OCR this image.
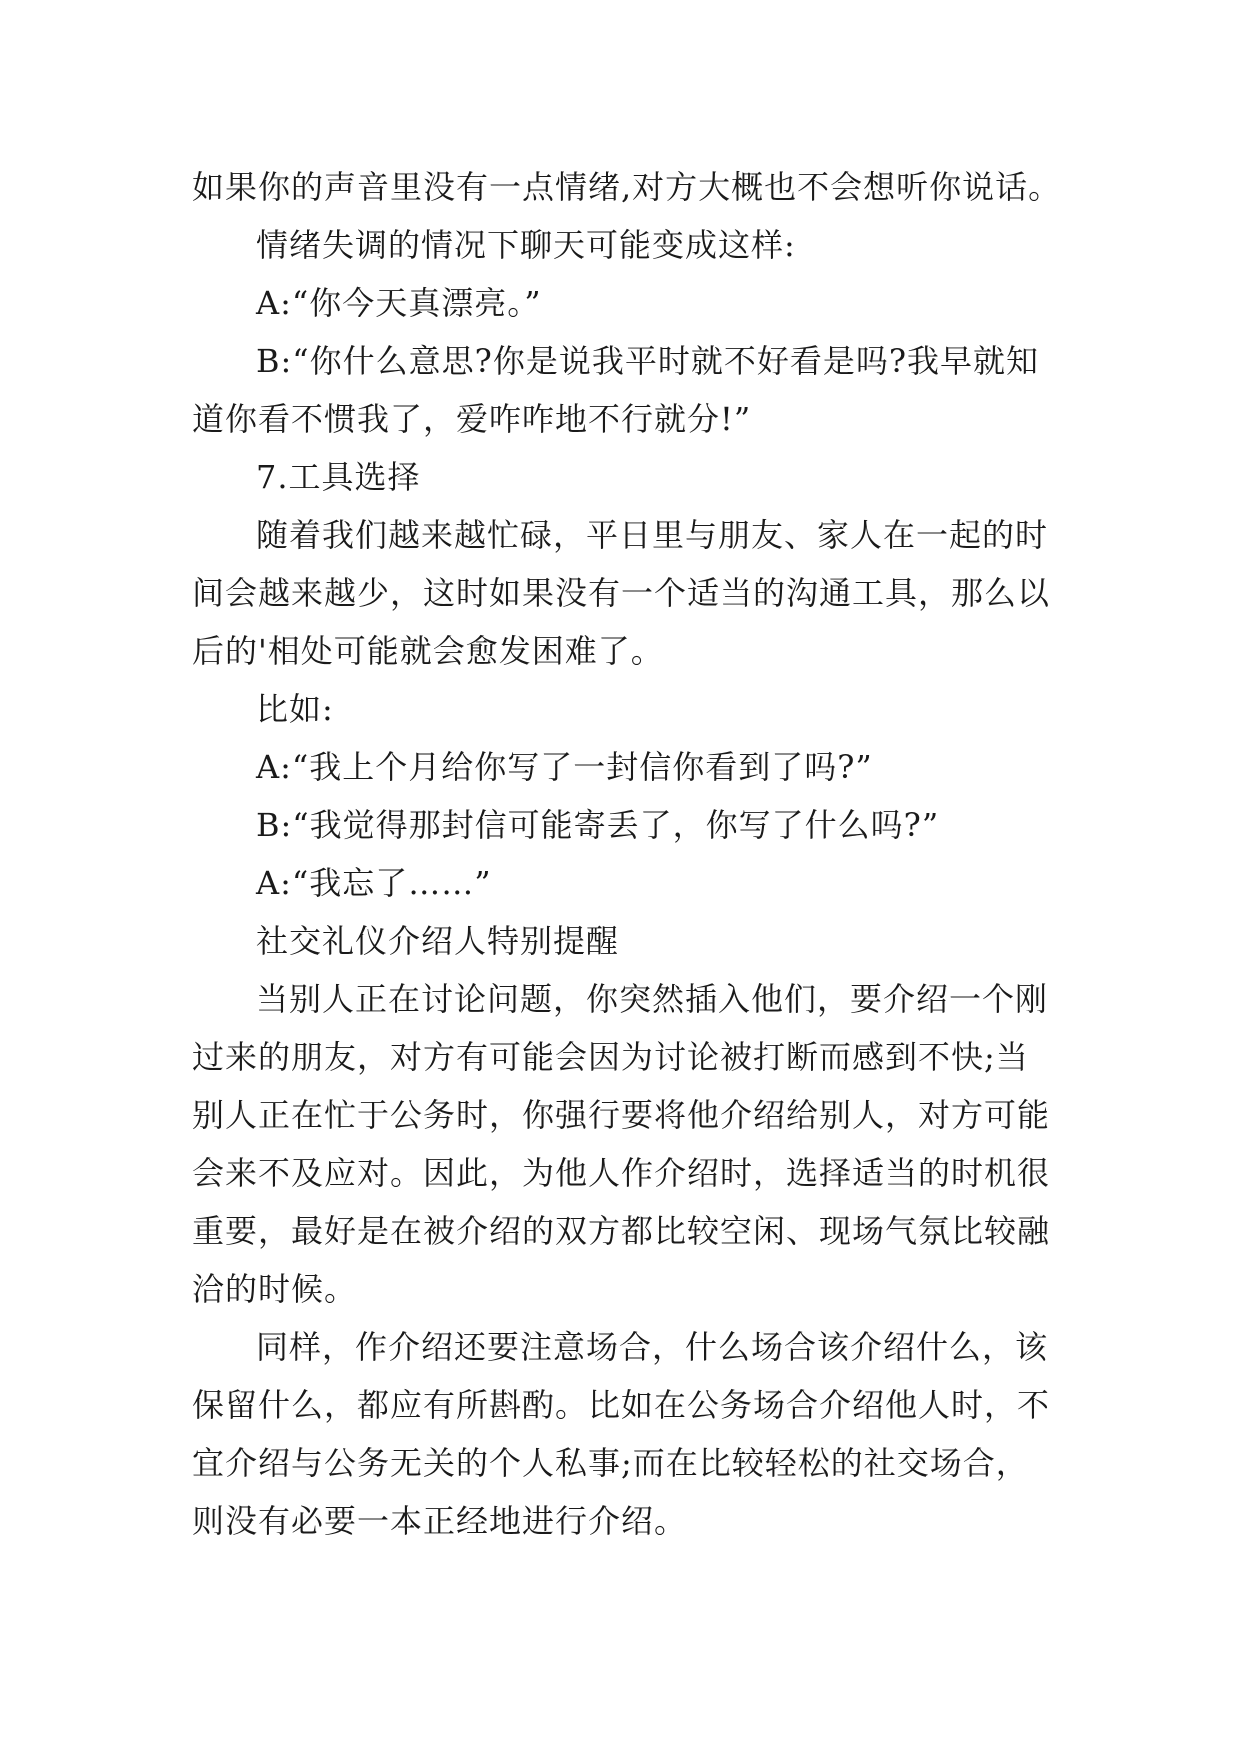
如果你的声音里没有一点情绪,对方大概也不会想听你说话。
情绪失调的情况下聊天可能变成这样:
A:“你今天真漂亮。”
B:“你什么意思?你是说我平时就不好看是吗?我早就知
道你看不惯我了，爱咋咋地不行就分!”
7.工具选择
随着我们越来越忙碌，平日里与朋友、家人在一起的时
间会越来越少，这时如果没有一个适当的沟通工具，那么以
后的'相处可能就会愈发困难了。
比如:
A:“我上个月给你写了一封信你看到了吗?”
B:“我觉得那封信可能寄丢了，你写了什么吗?”
A:“我忘了……”
社交礼仪介绍人特别提醒
当别人正在讨论问题，你突然插入他们，要介绍一个刚
过来的朋友，对方有可能会因为讨论被打断而感到不快;当
别人正在忙于公务时，你强行要将他介绍给别人，对方可能
会来不及应对。因此，为他人作介绍时，选择适当的时机很
重要，最好是在被介绍的双方都比较空闲、现场气氛比较融
洽的时候。
同样，作介绍还要注意场合，什么场合该介绍什么，该
保留什么，都应有所斟酌。比如在公务场合介绍他人时，不
宜介绍与公务无关的个人私事;而在比较轻松的社交场合，
则没有必要一本正经地进行介绍。
